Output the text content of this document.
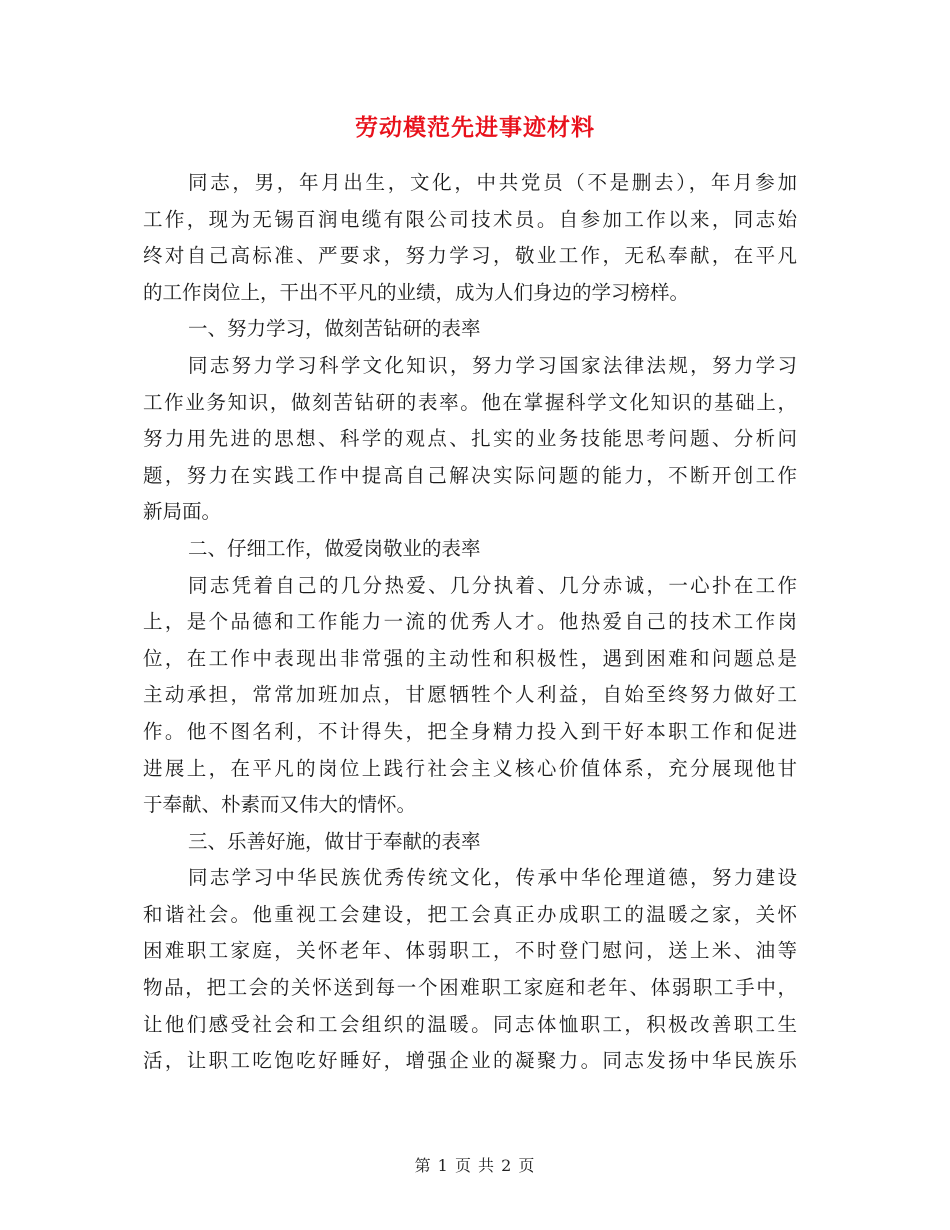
劳动模范先进事迹材料
同志，男，年月出生，文化，中共党员（不是删去），年月参加
工作，现为无锡百润电缆有限公司技术员。自参加工作以来，同志始
终对自己高标准、严要求，努力学习，敬业工作，无私奉献，在平凡
的工作岗位上，干出不平凡的业绩，成为人们身边的学习榜样。
一、努力学习，做刻苦钻研的表率
同志努力学习科学文化知识，努力学习国家法律法规，努力学习
工作业务知识，做刻苦钻研的表率。他在掌握科学文化知识的基础上，
努力用先进的思想、科学的观点、扎实的业务技能思考问题、分析问
题，努力在实践工作中提高自己解决实际问题的能力，不断开创工作
新局面。
二、仔细工作，做爱岗敬业的表率
同志凭着自己的几分热爱、几分执着、几分赤诚，一心扑在工作
上，是个品德和工作能力一流的优秀人才。他热爱自己的技术工作岗
位，在工作中表现出非常强的主动性和积极性，遇到困难和问题总是
主动承担，常常加班加点，甘愿牺牲个人利益，自始至终努力做好工
作。他不图名利，不计得失，把全身精力投入到干好本职工作和促进
进展上，在平凡的岗位上践行社会主义核心价值体系，充分展现他甘
于奉献、朴素而又伟大的情怀。
三、乐善好施，做甘于奉献的表率
同志学习中华民族优秀传统文化，传承中华伦理道德，努力建设
和谐社会。他重视工会建设，把工会真正办成职工的温暖之家，关怀
困难职工家庭，关怀老年、体弱职工，不时登门慰问，送上米、油等
物品，把工会的关怀送到每一个困难职工家庭和老年、体弱职工手中，
让他们感受社会和工会组织的温暖。同志体恤职工，积极改善职工生
活，让职工吃饱吃好睡好，增强企业的凝聚力。同志发扬中华民族乐
第 1 页 共 2 页
